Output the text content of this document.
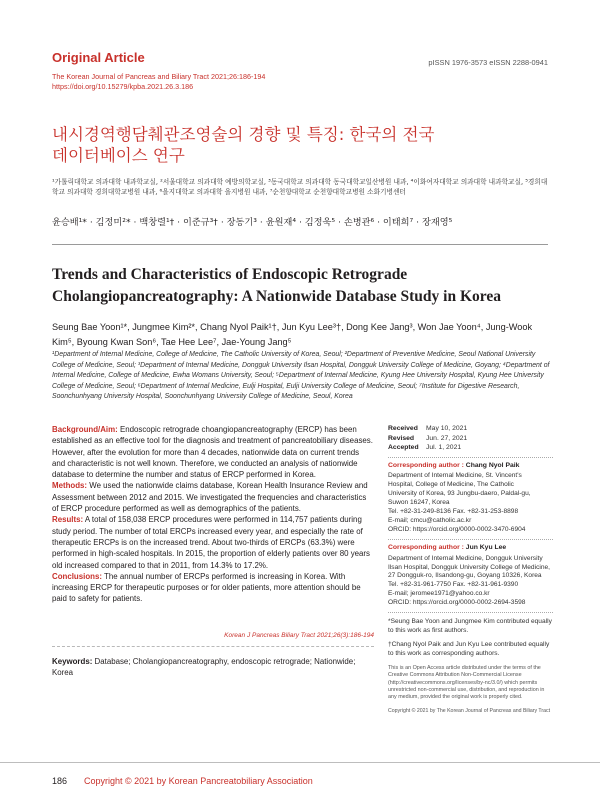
Original Article	pISSN 1976-3573 eISSN 2288-0941
The Korean Journal of Pancreas and Biliary Tract 2021;26:186-194
https://doi.org/10.15279/kpba.2021.26.3.186
내시경역행담췌관조영술의 경향 및 특징: 한국의 전국
데이터베이스 연구
¹가톨릭대학교 의과대학 내과학교실, ²서울대학교 의과대학 예방의학교실, ³동국대학교 의과대학 동국대학교일산병원 내과, ⁴이화여자대학교 의과대학 내과학교실, ⁵경희대학교 의과대학 경희대학교병원 내과, ⁶을지대학교 의과대학 을지병원 내과, ⁷순천향대학교 순천향대학교병원 소화기병센터
윤승배¹* · 김정미²* · 백창렬¹† · 이준규³† · 장동기³ · 윤원재⁴ · 김정욱⁵ · 손병관⁶ · 이태희⁷ · 장재영⁵
Trends and Characteristics of Endoscopic Retrograde Cholangiopancreatography: A Nationwide Database Study in Korea
Seung Bae Yoon¹*, Jungmee Kim²*, Chang Nyol Paik¹†, Jun Kyu Lee³†, Dong Kee Jang³, Won Jae Yoon⁴, Jung-Wook Kim⁵, Byoung Kwan Son⁶, Tae Hee Lee⁷, Jae-Young Jang⁵
¹Department of Internal Medicine, College of Medicine, The Catholic University of Korea, Seoul; ²Department of Preventive Medicine, Seoul National University College of Medicine, Seoul; ³Department of Internal Medicine, Dongguk University Ilsan Hospital, Dongguk University College of Medicine, Goyang; ⁴Department of Internal Medicine, College of Medicine, Ewha Womans University, Seoul; ⁵Department of Internal Medicine, Kyung Hee University Hospital, Kyung Hee University College of Medicine, Seoul; ⁶Department of Internal Medicine, Eulji Hospital, Eulji University College of Medicine, Seoul; ⁷Institute for Digestive Research, Soonchunhyang University Hospital, Soonchunhyang University College of Medicine, Seoul, Korea

Background/Aim: Endoscopic retrograde choangiopancreatography (ERCP) has been established as an effective tool for the diagnosis and treatment of pancreatobiliary diseases. However, after the evolution for more than 4 decades, nationwide data on current trends and characteristic is not well known. Therefore, we conducted an analysis of nationwide database to determine the number and status of ERCP performed in Korea.

Methods: We used the nationwide claims database, Korean Health Insurance Review and Assessment between 2012 and 2015. We investigated the frequencies and characteristics of ERCP procedure performed as well as demographics of the patients.

Results: A total of 158,038 ERCP procedures were performed in 114,757 patients during study period. The number of total ERCPs increased every year, and especially the rate of therapeutic ERCPs is on the increased trend. About two-thirds of ERCPs (63.3%) were performed in high-scaled hospitals. In 2015, the proportion of elderly patients over 80 years old increased compared to that in 2011, from 14.3% to 17.2%.

Conclusions: The annual number of ERCPs performed is increasing in Korea. With increasing ERCP for therapeutic purposes or for older patients, more attention should be paid to safety for patients.

Korean J Pancreas Biliary Tract 2021;26(3):186-194
Keywords: Database; Cholangiopancreatography, endoscopic retrograde; Nationwide; Korea
Received	May 10, 2021
Revised	Jun. 27, 2021
Accepted	Jul. 1, 2021
Corresponding author : Chang Nyol Paik
Department of Internal Medicine, St. Vincent's
Hospital, College of Medicine, The Catholic
University of Korea, 93 Jungbu-daero, Paldal-gu,
Suwon 16247, Korea
Tel. +82-31-249-8136 Fax. +82-31-253-8898
E-mail; cmcu@catholic.ac.kr
ORCID: https://orcid.org/0000-0002-3470-6904
Corresponding author : Jun Kyu Lee
Department of Internal Medicine, Dongguk University
Ilsan Hospital, Dongguk University College of Medicine,
27 Dongguk-ro, Ilsandong-gu, Goyang 10326, Korea
Tel. +82-31-961-7750 Fax. +82-31-961-9390
E-mail; jeromee1971@yahoo.co.kr
ORCID: https://orcid.org/0000-0002-2694-3598
*Seung Bae Yoon and Jungmee Kim contributed equally to this work as first authors.
†Chang Nyol Paik and Jun Kyu Lee contributed equally to this work as corresponding authors.
This is an Open Access article distributed under the terms of the Creative Commons Attribution Non-Commercial License (http://creativecommons.org/licenses/by-nc/3.0/) which permits unrestricted non-commercial use, distribution, and reproduction in any medium, provided the original work is properly cited.
Copyright © 2021 by The Korean Journal of Pancreas and Biliary Tract
186 Copyright © 2021 by Korean Pancreatobiliary Association
